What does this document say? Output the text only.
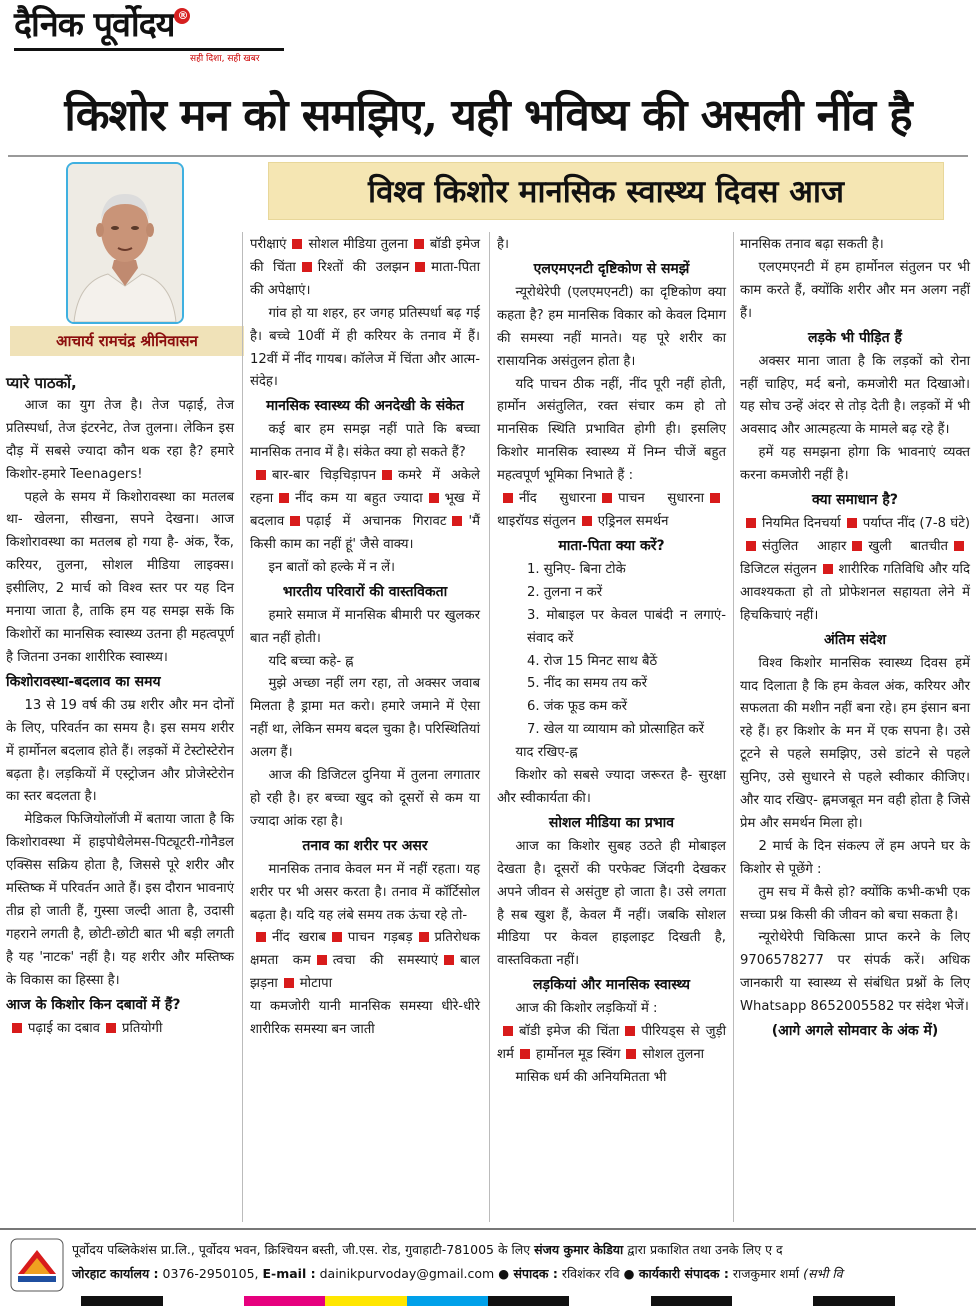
दैनिक पूर्वोदय ®
सही दिशा, सही खबर
किशोर मन को समझिए, यही भविष्य की असली नींव है
आचार्य रामचंद्र श्रीनिवासन
विश्व किशोर मानसिक स्वास्थ्य दिवस आज

प्यारे पाठकों,

आज का युग तेज है। तेज पढ़ाई, तेज प्रतिस्पर्धा, तेज इंटरनेट, तेज तुलना। लेकिन इस दौड़ में सबसे ज्यादा कौन थक रहा है? हमारे किशोर-हमारे Teenagers!

पहले के समय में किशोरावस्था का मतलब था- खेलना, सीखना, सपने देखना। आज किशोरावस्था का मतलब हो गया है- अंक, रैंक, करियर, तुलना, सोशल मीडिया लाइक्स। इसीलिए, 2 मार्च को विश्व स्तर पर यह दिन मनाया जाता है, ताकि हम यह समझ सकें कि किशोरों का मानसिक स्वास्थ्य उतना ही महत्वपूर्ण है जितना उनका शारीरिक स्वास्थ्य।

किशोरावस्था-बदलाव का समय

13 से 19 वर्ष की उम्र शरीर और मन दोनों के लिए, परिवर्तन का समय है। इस समय शरीर में हार्मोनल बदलाव होते हैं। लड़कों में टेस्टोस्टेरोन बढ़ता है। लड़कियों में एस्ट्रोजन और प्रोजेस्टेरोन का स्तर बदलता है।

मेडिकल फिजियोलॉजी में बताया जाता है कि किशोरावस्था में हाइपोथैलेमस-पिट्यूटरी-गोनैडल एक्सिस सक्रिय होता है, जिससे पूरे शरीर और मस्तिष्क में परिवर्तन आते हैं। इस दौरान भावनाएं तीव्र हो जाती हैं, गुस्सा जल्दी आता है, उदासी गहराने लगती है, छोटी-छोटी बात भी बड़ी लगती है यह 'नाटक' नहीं है। यह शरीर और मस्तिष्क के विकास का हिस्सा है।

आज के किशोर किन दबावों में हैं?

पढ़ाई का दबाव प्रतियोगी

परीक्षाएं सोशल मीडिया तुलना बॉडी इमेज की चिंता रिश्तों की उलझन माता-पिता की अपेक्षाएं।

गांव हो या शहर, हर जगह प्रतिस्पर्धा बढ़ गई है। बच्चे 10वीं में ही करियर के तनाव में हैं। 12वीं में नींद गायब। कॉलेज में चिंता और आत्म-संदेह।

मानसिक स्वास्थ्य की अनदेखी के संकेत

कई बार हम समझ नहीं पाते कि बच्चा मानसिक तनाव में है। संकेत क्या हो सकते हैं?

बार-बार चिड़चिड़ापन कमरे में अकेले रहना नींद कम या बहुत ज्यादा भूख में बदलाव पढ़ाई में अचानक गिरावट 'मैं किसी काम का नहीं हूं' जैसे वाक्य।

इन बातों को हल्के में न लें।

भारतीय परिवारों की वास्तविकता

हमारे समाज में मानसिक बीमारी पर खुलकर बात नहीं होती।

यदि बच्चा कहे- ह्न

मुझे अच्छा नहीं लग रहा, तो अक्सर जवाब मिलता है ड्रामा मत करो। हमारे जमाने में ऐसा नहीं था, लेकिन समय बदल चुका है। परिस्थितियां अलग हैं।

आज की डिजिटल दुनिया में तुलना लगातार हो रही है। हर बच्चा खुद को दूसरों से कम या ज्यादा आंक रहा है।

तनाव का शरीर पर असर

मानसिक तनाव केवल मन में नहीं रहता। यह शरीर पर भी असर करता है। तनाव में कॉर्टिसोल बढ़ता है। यदि यह लंबे समय तक ऊंचा रहे तो-

नींद खराब पाचन गड़बड़ प्रतिरोधक क्षमता कम त्वचा की समस्याएं बाल झड़ना मोटापा

या कमजोरी यानी मानसिक समस्या धीरे-धीरे शारीरिक समस्या बन जाती

है।

एलएमएनटी दृष्टिकोण से समझें

न्यूरोथेरेपी (एलएमएनटी) का दृष्टिकोण क्या कहता है? हम मानसिक विकार को केवल दिमाग की समस्या नहीं मानते। यह पूरे शरीर का रासायनिक असंतुलन होता है।

यदि पाचन ठीक नहीं, नींद पूरी नहीं होती, हार्मोन असंतुलित, रक्त संचार कम हो तो मानसिक स्थिति प्रभावित होगी ही। इसलिए किशोर मानसिक स्वास्थ्य में निम्न चीजें बहुत महत्वपूर्ण भूमिका निभाते हैं :

नींद सुधारना पाचन सुधारनाथाइरॉयड संतुलन एड्रिनल समर्थन

माता-पिता क्या करें?
1. सुनिए- बिना टोके
2. तुलना न करें
3. मोबाइल पर केवल पाबंदी न लगाएं-संवाद करें
4. रोज 15 मिनट साथ बैठें
5. नींद का समय तय करें
6. जंक फूड कम करें
7. खेल या व्यायाम को प्रोत्साहित करें

याद रखिए-ह्न

किशोर को सबसे ज्यादा जरूरत है- सुरक्षा और स्वीकार्यता की।

सोशल मीडिया का प्रभाव

आज का किशोर सुबह उठते ही मोबाइल देखता है। दूसरों की परफेक्ट जिंदगी देखकर अपने जीवन से असंतुष्ट हो जाता है। उसे लगता है सब खुश हैं, केवल मैं नहीं। जबकि सोशल मीडिया पर केवल हाइलाइट दिखती है, वास्तविकता नहीं।

लड़कियां और मानसिक स्वास्थ्य

आज की किशोर लड़कियों में :

बॉडी इमेज की चिंता पीरियड्स से जुड़ी शर्म हार्मोनल मूड स्विंग सोशल तुलना

मासिक धर्म की अनियमितता भी

मानसिक तनाव बढ़ा सकती है।

एलएमएनटी में हम हार्मोनल संतुलन पर भी काम करते हैं, क्योंकि शरीर और मन अलग नहीं हैं।

लड़के भी पीड़ित हैं

अक्सर माना जाता है कि लड़कों को रोना नहीं चाहिए, मर्द बनो, कमजोरी मत दिखाओ। यह सोच उन्हें अंदर से तोड़ देती है। लड़कों में भी अवसाद और आत्महत्या के मामले बढ़ रहे हैं।

हमें यह समझना होगा कि भावनाएं व्यक्त करना कमजोरी नहीं है।

क्या समाधान है?

नियमित दिनचर्या पर्याप्त नींद (7-8 घंटे)संतुलित आहार खुली बातचीतडिजिटल संतुलन शारीरिक गतिविधि और यदि आवश्यकता हो तो प्रोफेशनल सहायता लेने में हिचकिचाएं नहीं।

अंतिम संदेश

विश्व किशोर मानसिक स्वास्थ्य दिवस हमें याद दिलाता है कि हम केवल अंक, करियर और सफलता की मशीन नहीं बना रहे। हम इंसान बना रहे हैं। हर किशोर के मन में एक सपना है। उसे टूटने से पहले समझिए, उसे डांटने से पहले सुनिए, उसे सुधारने से पहले स्वीकार कीजिए। और याद रखिए- ह्नमजबूत मन वही होता है जिसे प्रेम और समर्थन मिला हो।

2 मार्च के दिन संकल्प लें हम अपने घर के किशोर से पूछेंगे :

तुम सच में कैसे हो? क्योंकि कभी-कभी एक सच्चा प्रश्न किसी की जीवन को बचा सकता है।

न्यूरोथेरेपी चिकित्सा प्राप्त करने के लिए 9706578277 पर संपर्क करें। अधिक जानकारी या स्वास्थ्य से संबंधित प्रश्नों के लिए Whatsapp 8652005582 पर संदेश भेजें।

(आगे अगले सोमवार के अंक में)
पूर्वोदय पब्लिकेशंस प्रा.लि., पूर्वोदय भवन, क्रिश्चियन बस्ती, जी.एस. रोड, गुवाहाटी-781005 के लिए संजय कुमार केडिया द्वारा प्रकाशित तथा उनके लिए ए द
जोरहाट कार्यालय : 0376-2950105, E-mail : dainikpurvoday@gmail.com ● संपादक : रविशंकर रवि ● कार्यकारी संपादक : राजकुमार शर्मा (सभी वि
